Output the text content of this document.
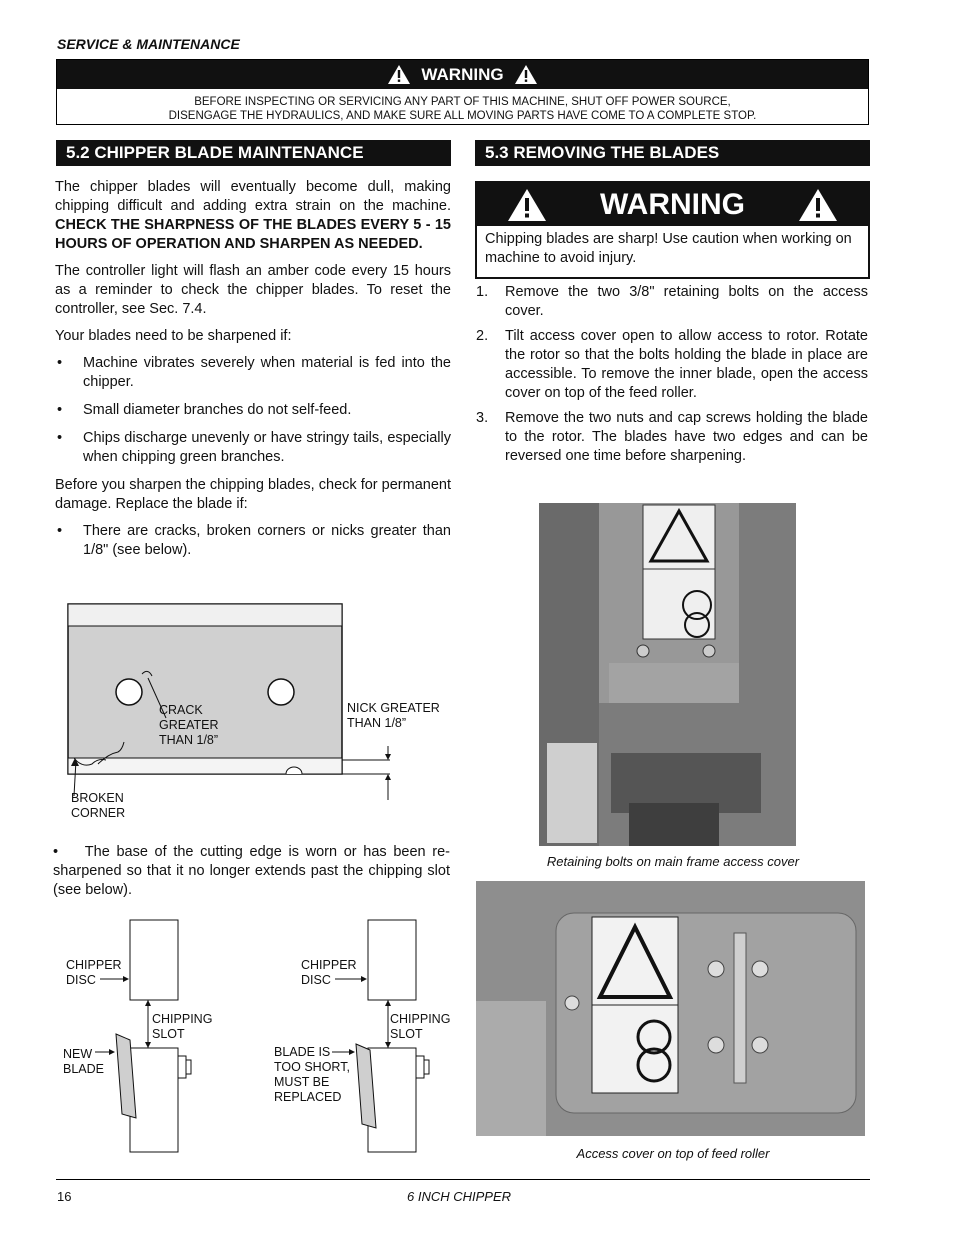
SERVICE & MAINTENANCE
WARNING
BEFORE INSPECTING OR SERVICING ANY PART OF THIS MACHINE, SHUT OFF POWER SOURCE,
DISENGAGE THE HYDRAULICS, AND MAKE SURE ALL MOVING PARTS HAVE COME TO A COMPLETE STOP.
5.2 CHIPPER BLADE MAINTENANCE

The chipper blades will eventually become dull, making chipping difficult and adding extra strain on the machine. CHECK THE SHARPNESS OF THE BLADES EVERY 5 - 15 HOURS OF OPERATION AND SHARPEN AS NEEDED.

The controller light will flash an amber code every 15 hours as a reminder to check the chipper blades. To reset the controller, see Sec. 7.4.

Your blades need to be sharpened if:

• Machine vibrates severely when material is fed into the chipper.
• Small diameter branches do not self-feed.
• Chips discharge unevenly or have stringy tails, especially when chipping green branches.

Before you sharpen the chipping blades, check for permanent damage. Replace the blade if:

• There are cracks, broken corners or nicks greater than 1/8" (see below).
CRACK
GREATER
THAN 1/8”
NICK GREATER
THAN 1/8”
BROKEN
CORNER
•    The base of the cutting edge is worn or has been re-sharpened so that it no longer extends past the chipping slot (see below).
CHIPPER
DISC
CHIPPING
SLOT
NEW
BLADE
CHIPPER
DISC
CHIPPING
SLOT
BLADE IS
TOO SHORT,
MUST BE
REPLACED
5.3 REMOVING THE BLADES
WARNING
Chipping blades are sharp! Use caution when working on machine to avoid injury.
1. Remove the two 3/8" retaining bolts on the access cover.
2. Tilt access cover open to allow access to rotor. Rotate the rotor so that the bolts holding the blade in place are accessible. To remove the inner blade, open the access cover on top of the feed roller.
3. Remove the two nuts and cap screws holding the blade to the rotor. The blades have two edges and can be reversed one time before sharpening.
Retaining bolts on main frame access cover
Access cover on top of feed roller
16	6 INCH CHIPPER
